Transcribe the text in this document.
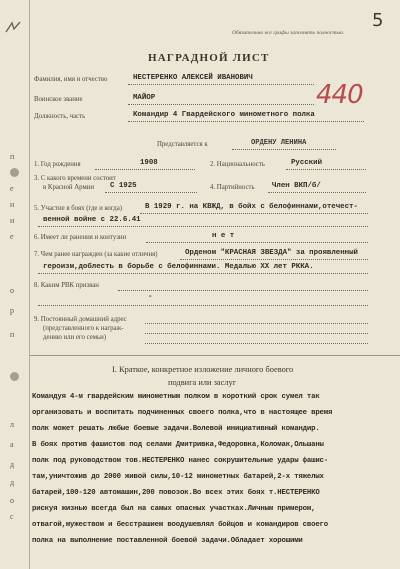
п
е
н
и
е
о
р
п
л
а
д
д
о
с
Обязательно все графы заполнять полностью.
5
НАГРАДНОЙ ЛИСТ
440
Фамилия, имя и отчество	НЕСТЕРЕНКО АЛЕКСЕЙ ИВАНОВИЧ
Воинское звание	МАЙОР
Должность, часть	Командир 4 Гвардейского минометного полка
Представляется к	ОРДЕНУ ЛЕНИНА
1. Год рождения	1908	2. Национальность	Русский
3. С какого времени состоит
в Красной Армии С 1925	4. Партийность Член ВКП/б/
5. Участие в боях (где и когда)	В 1929 г. на КВЖД, в бойх с белофиннами,отечест-
венной войне с 22.6.41
6. Имеет ли ранения и контузии	н е т
7. Чем ранее награжден (за какие отличия)	Орденом "КРАСНАЯ ЗВЕЗДА" за проявленный
героизм,доблесть в борьбе с белофиннами. Медалью ХХ лет РККА.
8. Каким РВК призван
-
9. Постоянный домашний адрес
(представленного к награж-
дению или его семьи)
I. Краткое, конкретное изложение личного боевого
подвига или заслуг
Командуя 4-м гвардейским минометным полком в короткий срок сумел так
организовать и воспитать подчиненных своего полка,что в настоящее время
полк может решать любые боевые задачи.Волевой инициативный командир.
В боях против фашистов под селами Дмитривка,Федоровка,Коломак,Ольшаны
полк под руководством тов.НЕСТЕРЕНКО нанес сокрушительные удары фашис-
там,уничтожив до 2000 живой силы,10-12 минометных батарей,2-х тяжелых
батарей,100-120 автомашин,200 повозок.Во всех этих боях т.НЕСТЕРЕНКО
рискуя жизнью всегда был на самых опасных участках.Личным примером,
отвагой,мужеством и бесстрашием воодушевлял бойцов и командиров своего
полка на выполнение поставленной боевой задачи.Обладает хорошими
